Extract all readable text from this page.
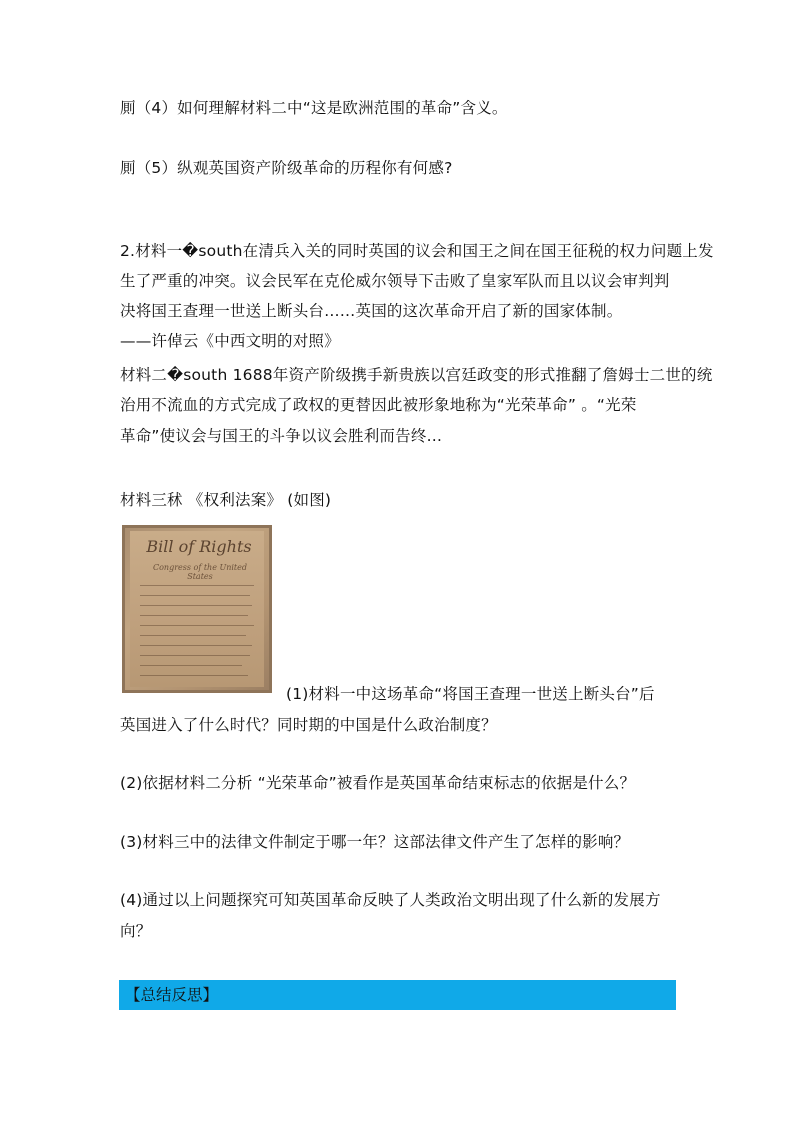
厠（4）如何理解材料二中“这是欧洲范围的革命”含义。
厠（5）纵观英国资产阶级革命的历程你有何感?
2.材料一�south在清兵入关的同时英国的议会和国王之间在国王征税的权力问题上发
生了严重的冲突。议会民军在克伦威尔领导下击败了皇家军队而且以议会审判判
决将国王查理一世送上断头台……英国的这次革命开启了新的国家体制。
——许倬云《中西文明的对照》
材料二�south 1688年资产阶级携手新贵族以宫廷政变的形式推翻了詹姆士二世的统
治用不流血的方式完成了政权的更替因此被形象地称为“光荣革命” 。“光荣
革命”使议会与国王的斗争以议会胜利而告终…
材料三秫 《权利法案》 (如图)
Bill of Rights
Congress of the United States
(1)材料一中这场革命“将国王查理一世送上断头台”后
英国进入了什么时代？同时期的中国是什么政治制度？
(2)依据材料二分析 “光荣革命”被看作是英国革命结束标志的依据是什么？
(3)材料三中的法律文件制定于哪一年？这部法律文件产生了怎样的影响？
(4)通过以上问题探究可知英国革命反映了人类政治文明出现了什么新的发展方
向？
【总结反思】
